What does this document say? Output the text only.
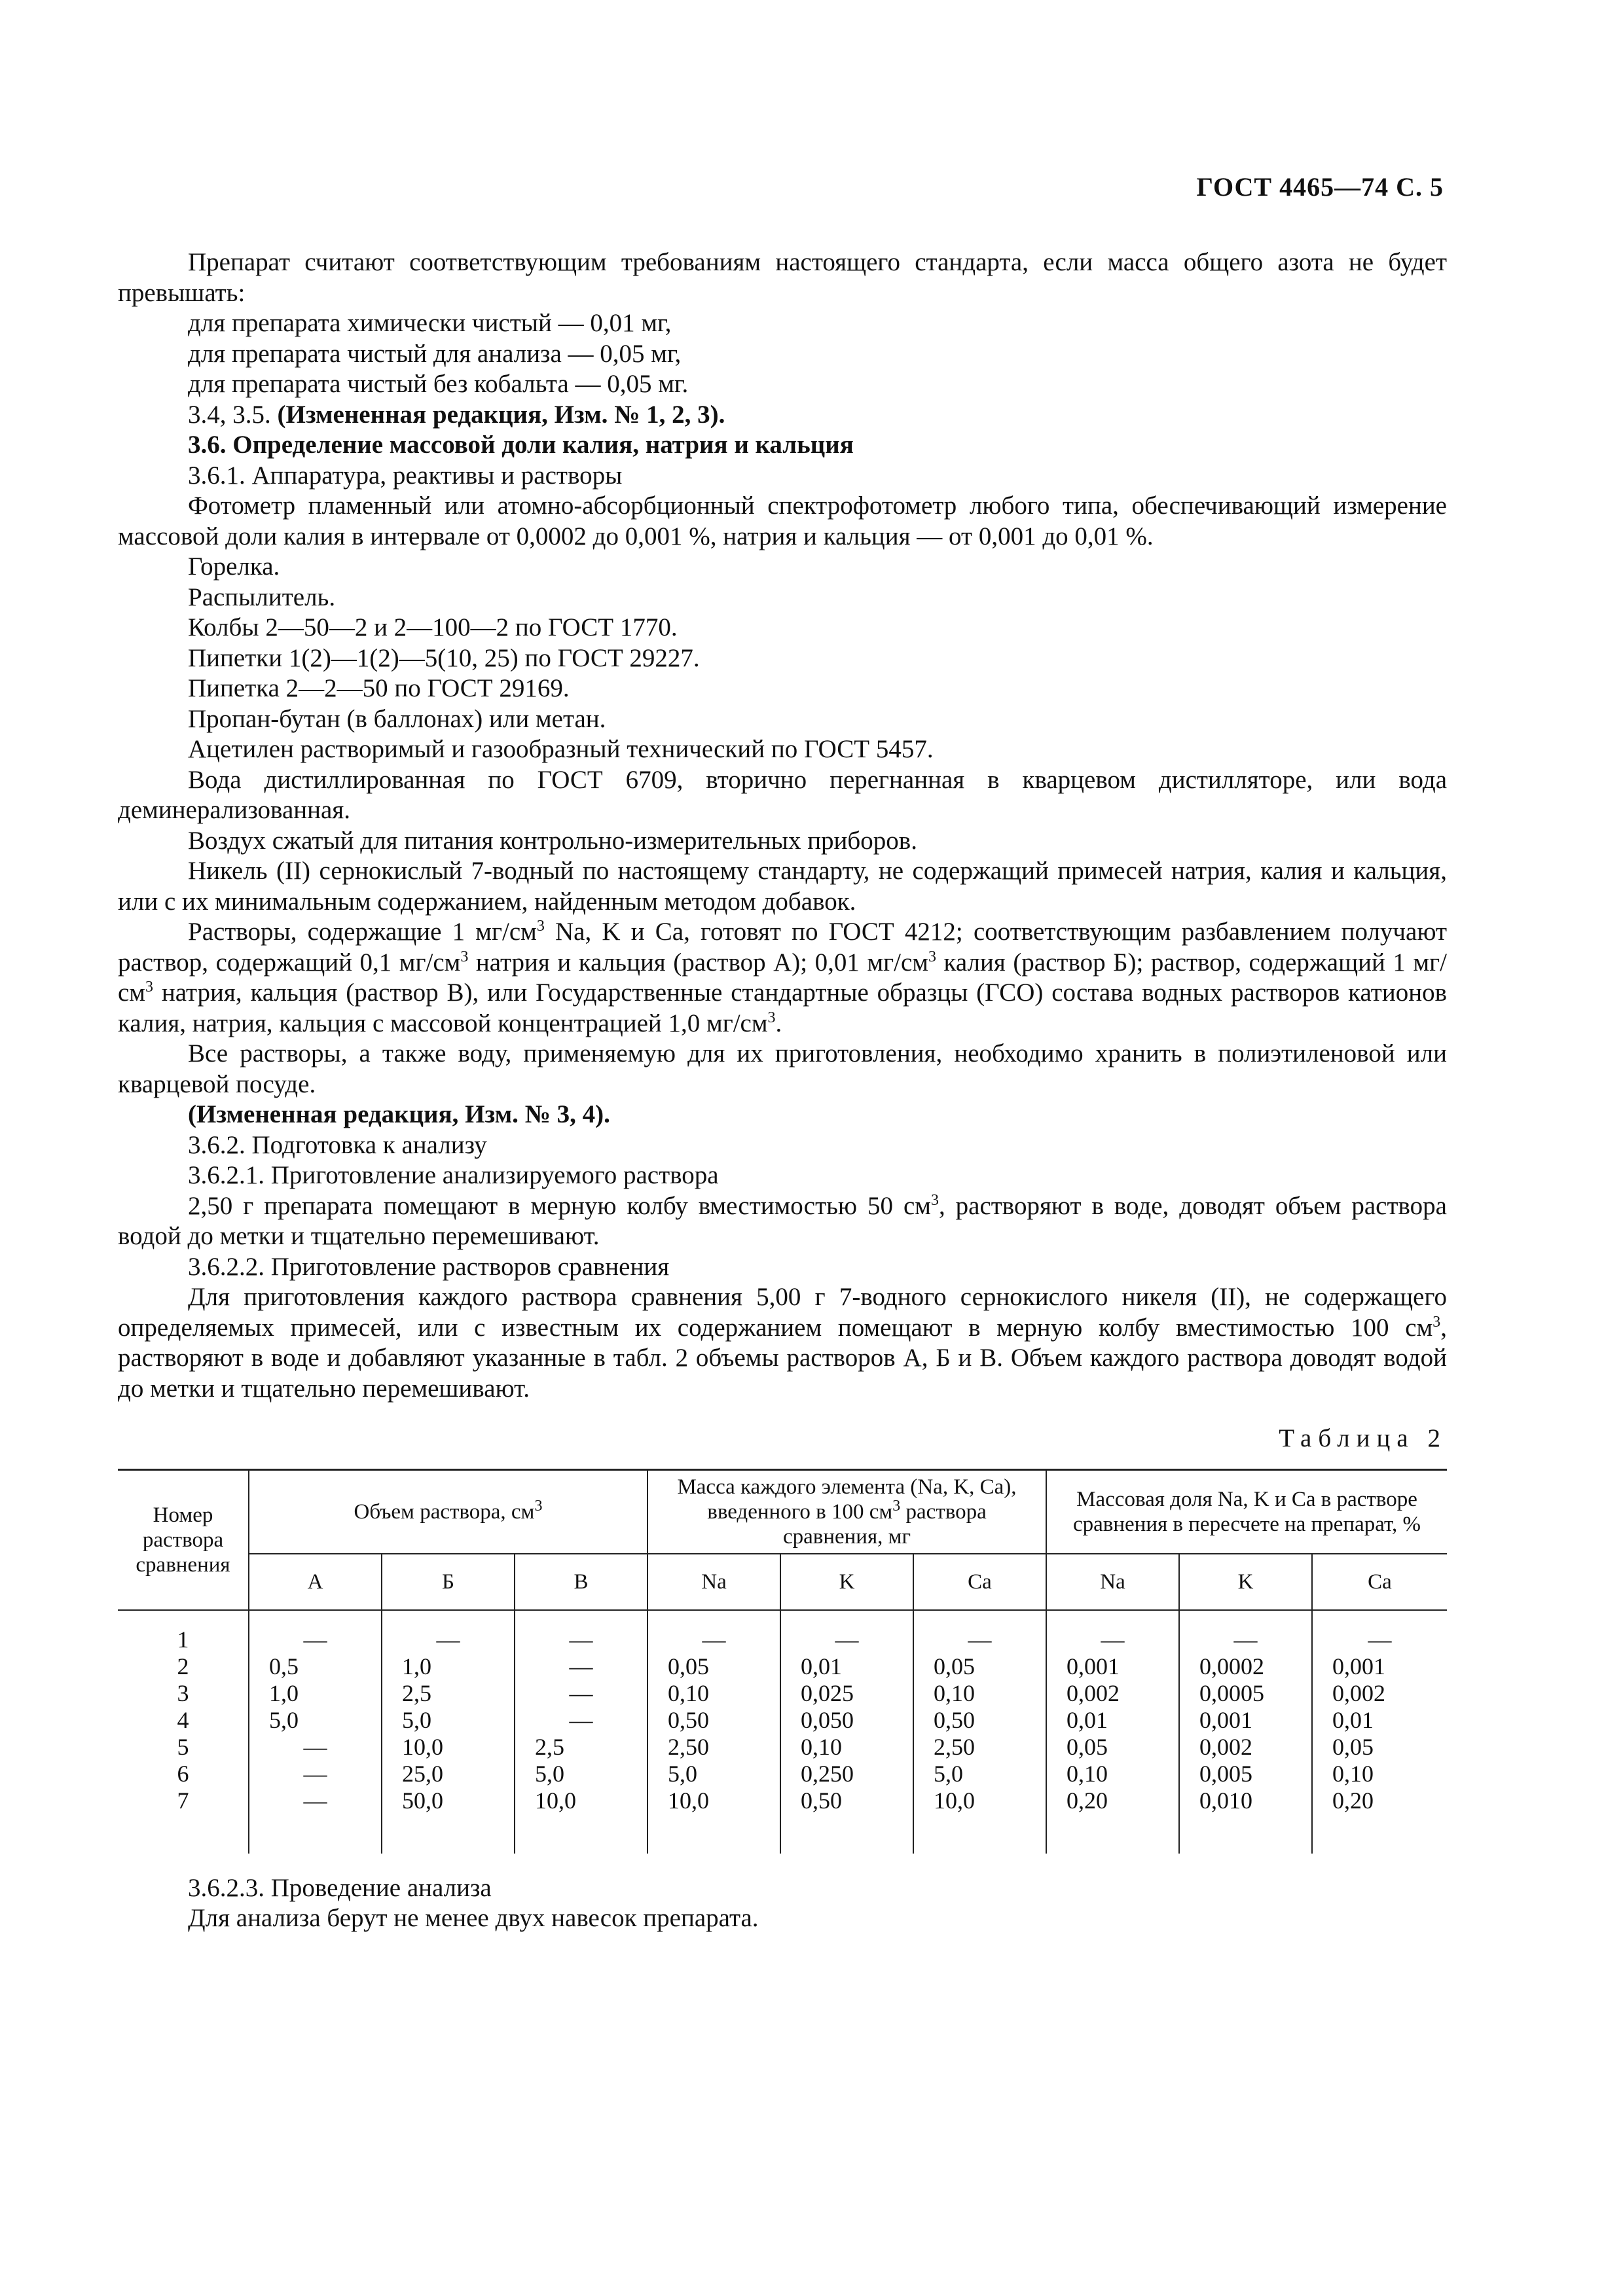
ГОСТ 4465—74 С. 5

Препарат считают соответствующим требованиям настоящего стандарта, если масса общего азота не будет превышать:

для препарата химически чистый — 0,01 мг,

для препарата чистый для анализа — 0,05 мг,

для препарата чистый без кобальта — 0,05 мг.

3.4, 3.5. (Измененная редакция, Изм. № 1, 2, 3).

3.6. Определение массовой доли калия, натрия и кальция

3.6.1. Аппаратура, реактивы и растворы

Фотометр пламенный или атомно-абсорбционный спектрофотометр любого типа, обеспечивающий измерение массовой доли калия в интервале от 0,0002 до 0,001 %, натрия и кальция — от 0,001 до 0,01 %.

Горелка.

Распылитель.

Колбы 2—50—2 и 2—100—2 по ГОСТ 1770.

Пипетки 1(2)—1(2)—5(10, 25) по ГОСТ 29227.

Пипетка 2—2—50 по ГОСТ 29169.

Пропан-бутан (в баллонах) или метан.

Ацетилен растворимый и газообразный технический по ГОСТ 5457.

Вода дистиллированная по ГОСТ 6709, вторично перегнанная в кварцевом дистилляторе, или вода деминерализованная.

Воздух сжатый для питания контрольно-измерительных приборов.

Никель (II) сернокислый 7-водный по настоящему стандарту, не содержащий примесей натрия, калия и кальция, или с их минимальным содержанием, найденным методом добавок.

Растворы, содержащие 1 $мг/см^3$ Na, K и Ca, готовят по ГОСТ 4212; соответствующим разбавлением получают раствор, содержащий 0,1 $мг/см^3$ натрия и кальция (раствор А); 0,01 $мг/см^3$ калия (раствор Б); раствор, содержащий 1 $мг/см^3$ натрия, кальция (раствор В), или Государственные стандартные образцы (ГСО) состава водных растворов катионов калия, натрия, кальция с массовой концентрацией 1,0 $мг/см^3$.

Все растворы, а также воду, применяемую для их приготовления, необходимо хранить в полиэтиленовой или кварцевой посуде.

(Измененная редакция, Изм. № 3, 4).

3.6.2. Подготовка к анализу

3.6.2.1. Приготовление анализируемого раствора

2,50 г препарата помещают в мерную колбу вместимостью 50 $см^3$, растворяют в воде, доводят объем раствора водой до метки и тщательно перемешивают.

3.6.2.2. Приготовление растворов сравнения

Для приготовления каждого раствора сравнения 5,00 г 7-водного сернокислого никеля (II), не содержащего определяемых примесей, или с известным их содержанием помещают в мерную колбу вместимостью 100 $см^3$, растворяют в воде и добавляют указанные в табл. 2 объемы растворов А, Б и В. Объем каждого раствора доводят водой до метки и тщательно перемешивают.

Таблица 2
Номер раствора сравнения	Объем раствора, $см^3$			Масса каждого элемента (Na, K, Ca), введенного в 100 $см^3$ раствора сравнения, мг			Массовая доля Na, K и Ca в растворе сравнения в пересчете на препарат, %		
	А	Б	В	Na	K	Ca	Na	K	Ca
1	—	—	—	—	—	—	—	—	—
2	0,5	1,0	—	0,05	0,01	0,05	0,001	0,0002	0,001
3	1,0	2,5	—	0,10	0,025	0,10	0,002	0,0005	0,002
4	5,0	5,0	—	0,50	0,050	0,50	0,01	0,001	0,01
5	—	10,0	2,5	2,50	0,10	2,50	0,05	0,002	0,05
6	—	25,0	5,0	5,0	0,250	5,0	0,10	0,005	0,10
7	—	50,0	10,0	10,0	0,50	10,0	0,20	0,010	0,20

3.6.2.3. Проведение анализа

Для анализа берут не менее двух навесок препарата.
